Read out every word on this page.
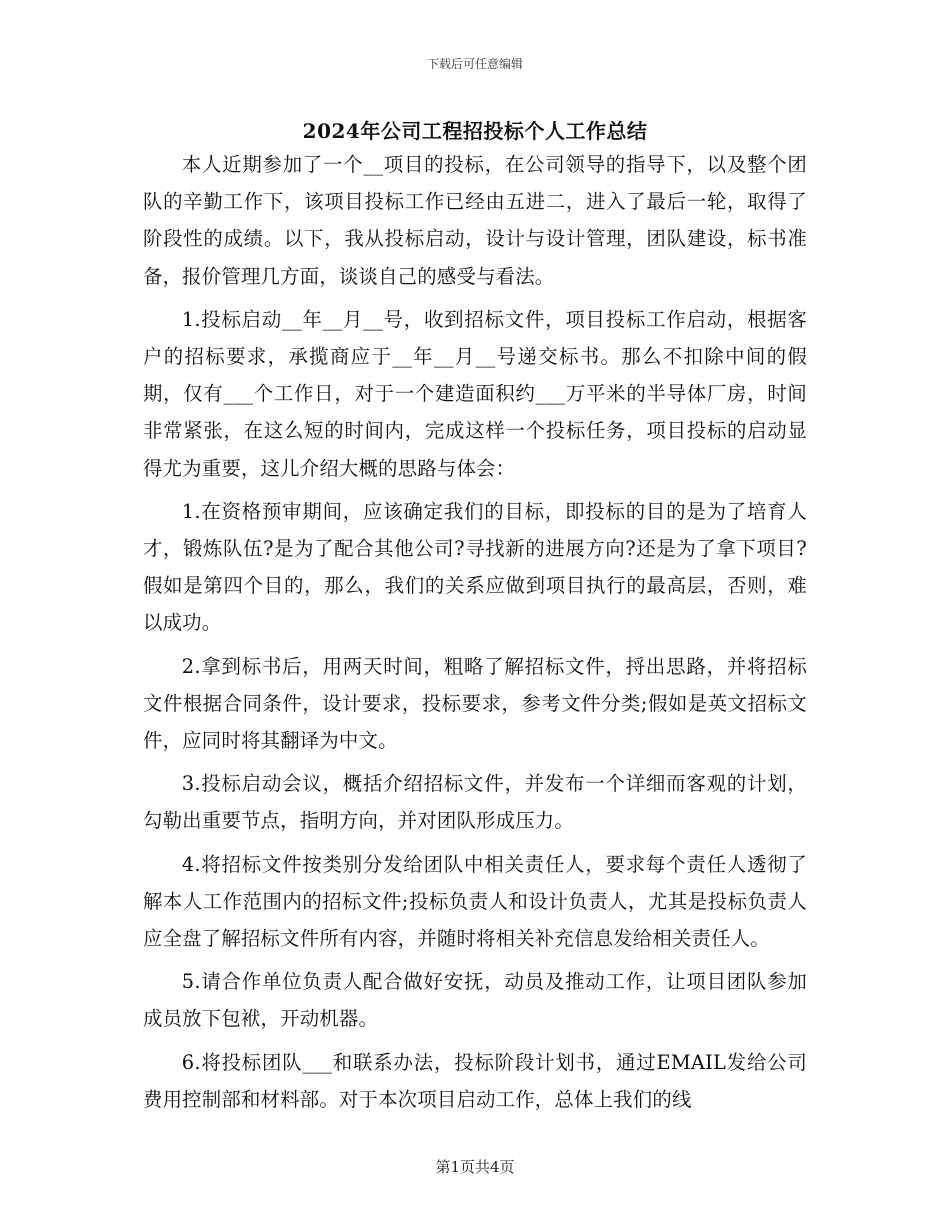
下载后可任意编辑
2024年公司工程招投标个人工作总结

本人近期参加了一个__项目的投标，在公司领导的指导下，以及整个团队的辛勤工作下，该项目投标工作已经由五进二，进入了最后一轮，取得了阶段性的成绩。以下，我从投标启动，设计与设计管理，团队建设，标书准备，报价管理几方面，谈谈自己的感受与看法。

1.投标启动__年__月__号，收到招标文件，项目投标工作启动，根据客户的招标要求，承揽商应于__年__月__号递交标书。那么不扣除中间的假期，仅有___个工作日，对于一个建造面积约___万平米的半导体厂房，时间非常紧张，在这么短的时间内，完成这样一个投标任务，项目投标的启动显得尤为重要，这儿介绍大概的思路与体会：

1.在资格预审期间，应该确定我们的目标，即投标的目的是为了培育人才，锻炼队伍?是为了配合其他公司?寻找新的进展方向?还是为了拿下项目?假如是第四个目的，那么，我们的关系应做到项目执行的最高层，否则，难以成功。

2.拿到标书后，用两天时间，粗略了解招标文件，捋出思路，并将招标文件根据合同条件，设计要求，投标要求，参考文件分类;假如是英文招标文件，应同时将其翻译为中文。

3.投标启动会议，概括介绍招标文件，并发布一个详细而客观的计划，勾勒出重要节点，指明方向，并对团队形成压力。

4.将招标文件按类别分发给团队中相关责任人，要求每个责任人透彻了解本人工作范围内的招标文件;投标负责人和设计负责人，尤其是投标负责人应全盘了解招标文件所有内容，并随时将相关补充信息发给相关责任人。

5.请合作单位负责人配合做好安抚，动员及推动工作，让项目团队参加成员放下包袱，开动机器。

6.将投标团队___和联系办法，投标阶段计划书，通过EMAIL发给公司费用控制部和材料部。对于本次项目启动工作，总体上我们的线

第1页共4页
